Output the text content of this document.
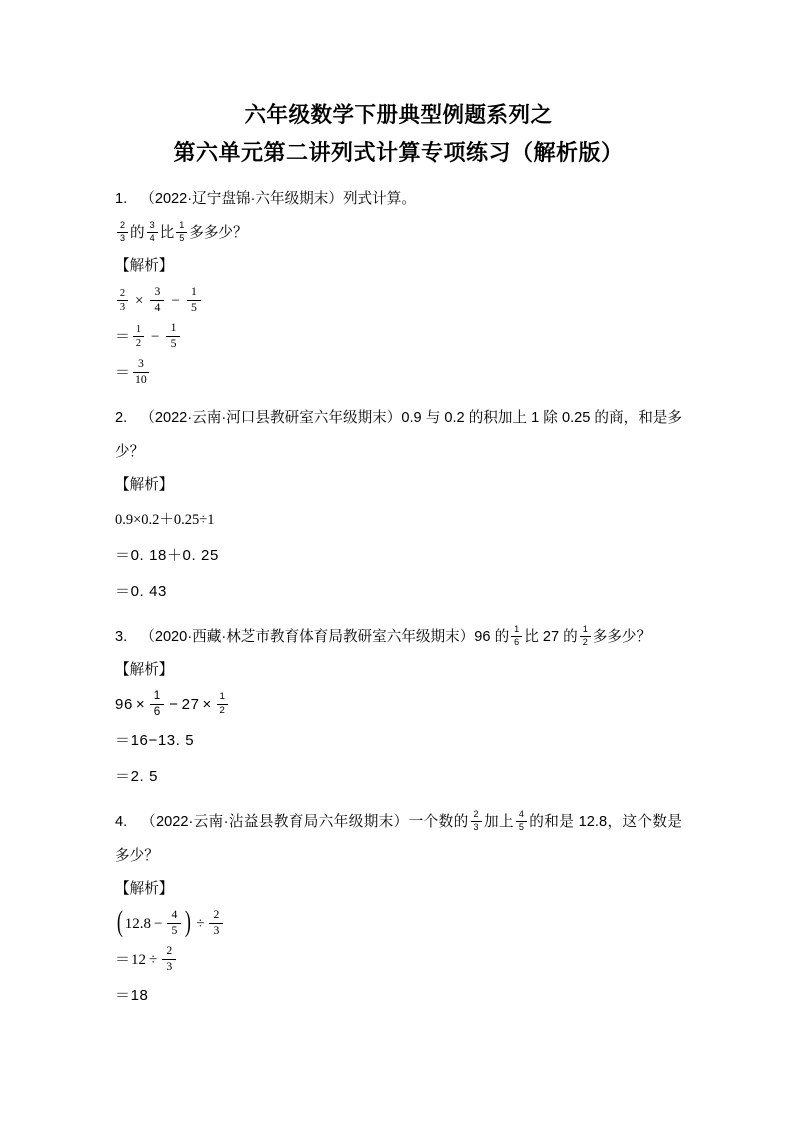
六年级数学下册典型例题系列之
第六单元第二讲列式计算专项练习（解析版）
1. （2022·辽宁盘锦·六年级期末）列式计算。
$\frac{2}{3}$ 的 $\frac{3}{4}$ 比 $\frac{1}{5}$ 多多少？
【解析】
$\frac{2}{3} \times \frac{3}{4} - \frac{1}{5}$
＝ $\frac{1}{2} - \frac{1}{5}$
＝ $\frac{3}{10}$
2. （2022·云南·河口县教研室六年级期末）0.9 与 0.2 的积加上 1 除 0.25 的商，和是多少？
【解析】
0.9×0.2＋0.25÷1
＝0. 18＋0. 25
＝0. 43
3. （2020·西藏·林芝市教育体育局教研室六年级期末）96 的 $\frac{1}{6}$ 比 27 的 $\frac{1}{2}$ 多多少？
【解析】
$96 \times \frac{1}{6} - 27 \times \frac{1}{2}$
＝16−13. 5
＝2. 5
4. （2022·云南·沾益县教育局六年级期末）一个数的 $\frac{2}{3}$ 加上 $\frac{4}{5}$ 的和是 12.8，这个数是多少？
【解析】
( $12.8 - \frac{4}{5}$ ) ÷ $\frac{2}{3}$
$=12 \div \frac{2}{3}$
＝18
